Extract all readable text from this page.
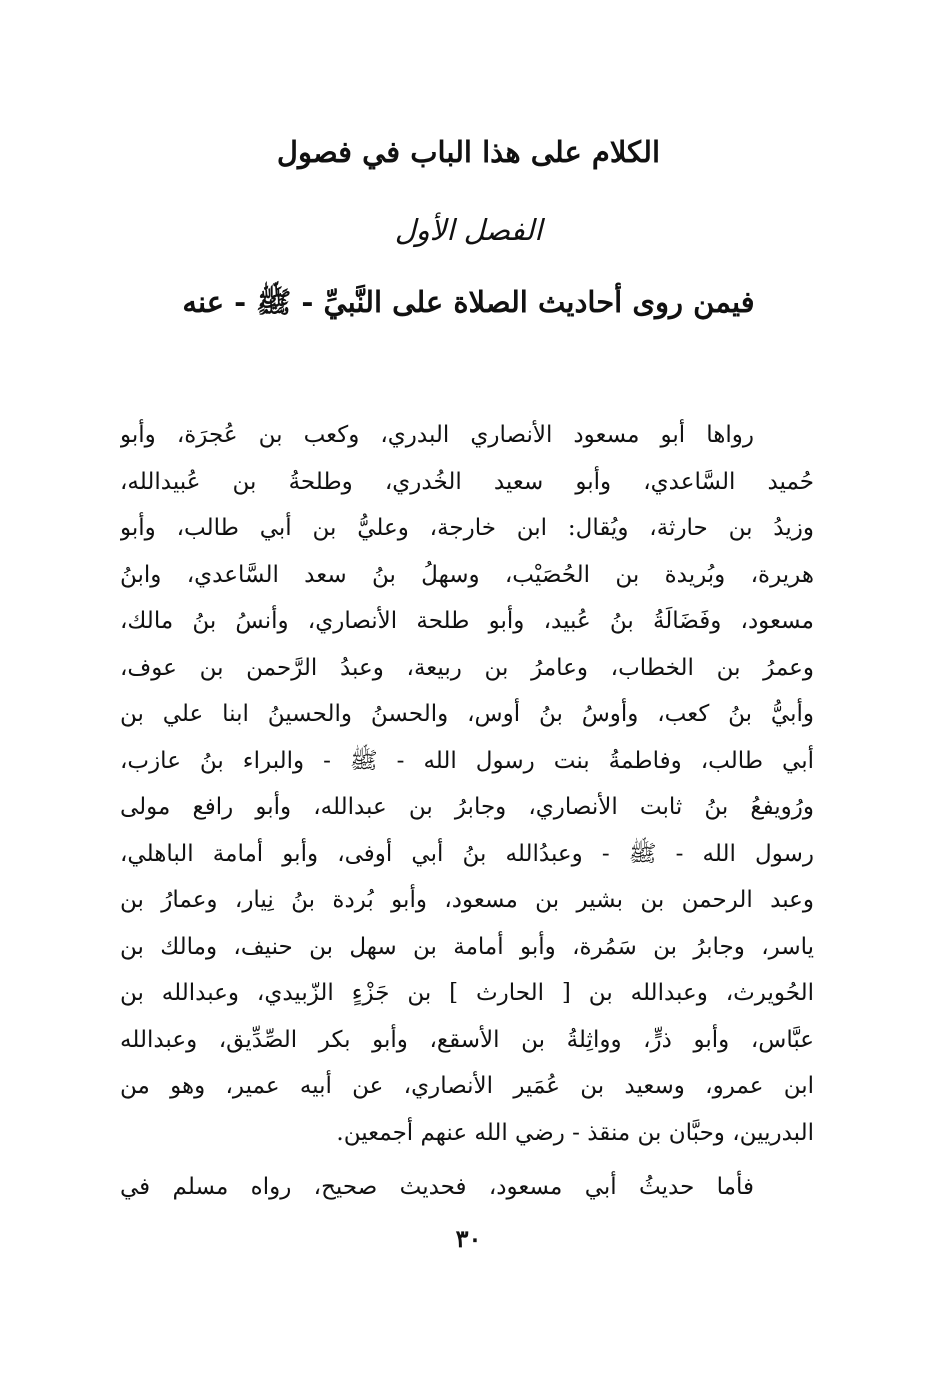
الكلام على هذا الباب في فصول
الفصل الأول
فيمن روى أحاديث الصلاة على النَّبيِّ - ﷺ - عنه
رواها أبو مسعود الأنصاري البدري، وكعب بن عُجرَة، وأبو
حُميد السَّاعدي، وأبو سعيد الخُدري، وطلحةُ بن عُبيدالله،
وزيدُ بن حارثة، ويُقال: ابن خارجة، وعليُّ بن أبي طالب، وأبو
هريرة، وبُريدة بن الحُصَيْب، وسهلُ بنُ سعد السَّاعدي، وابنُ
مسعود، وفَضَالَةُ بنُ عُبيد، وأبو طلحة الأنصاري، وأنسُ بنُ مالك،
وعمرُ بن الخطاب، وعامرُ بن ربيعة، وعبدُ الرَّحمن بن عوف،
وأبيُّ بنُ كعب، وأوسُ بنُ أوس، والحسنُ والحسينُ ابنا علي بن
أبي طالب، وفاطمةُ بنت رسول الله - ﷺ - والبراء بنُ عازب،
ورُويفعُ بنُ ثابت الأنصاري، وجابرُ بن عبدالله، وأبو رافع مولى
رسول الله - ﷺ - وعبدُالله بنُ أبي أوفى، وأبو أمامة الباهلي،
وعبد الرحمن بن بشير بن مسعود، وأبو بُردة بنُ نِيار، وعمارُ بن
ياسر، وجابرُ بن سَمُرة، وأبو أمامة بن سهل بن حنيف، ومالك بن
الحُويرث، وعبدالله بن [ الحارث ] بن جَزْءٍ الزّبيدي، وعبدالله بن
عبَّاس، وأبو ذرٍّ، وواثِلةُ بن الأسقع، وأبو بكر الصِّدِّيق، وعبدالله
ابن عمرو، وسعيد بن عُمَير الأنصاري، عن أبيه عمير، وهو من
البدريين، وحبَّان بن منقذ - رضي الله عنهم أجمعين.
فأما حديثُ أبي مسعود، فحديث صحيح، رواه مسلم في
٣٠
